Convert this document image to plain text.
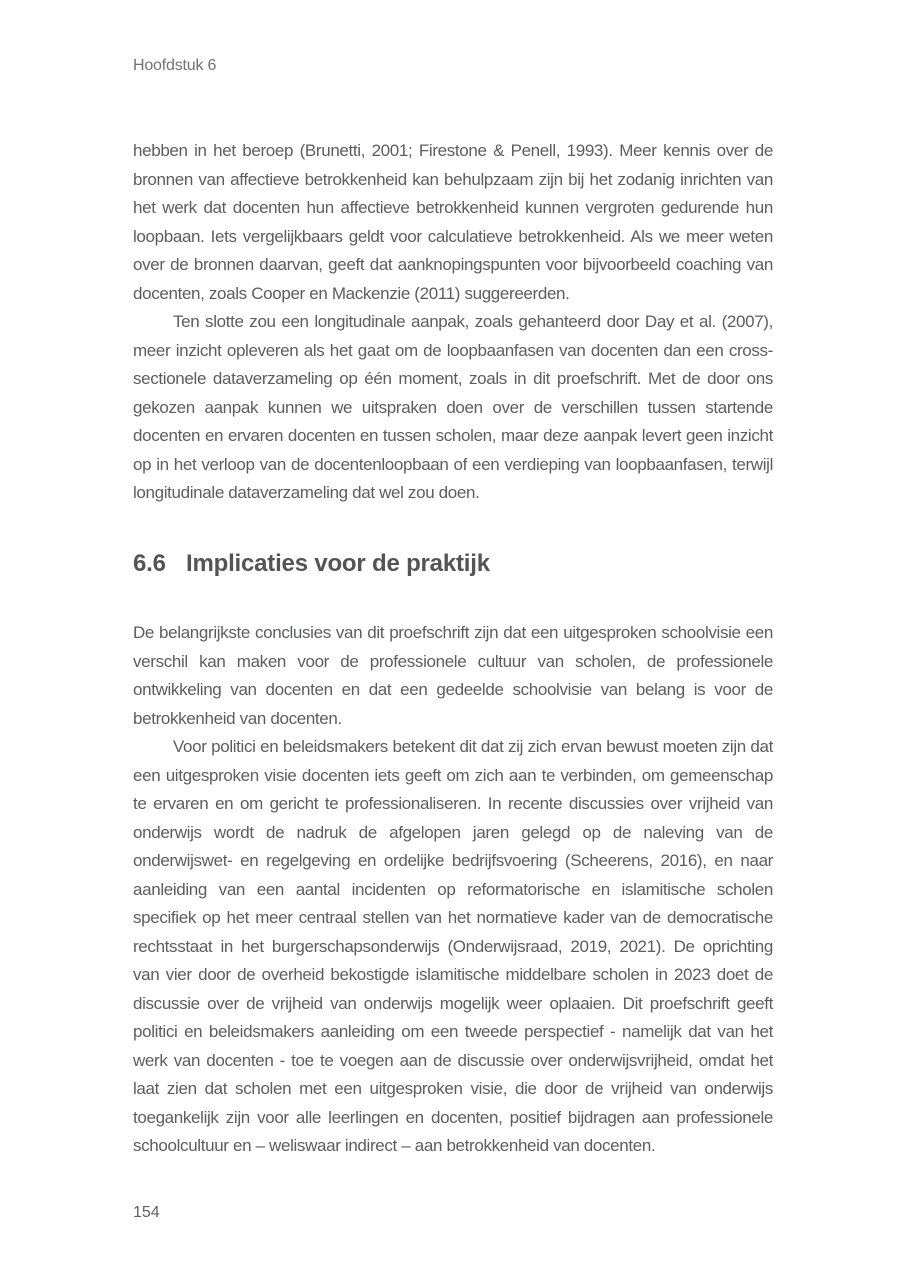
Hoofdstuk 6

hebben in het beroep (Brunetti, 2001; Firestone & Penell, 1993). Meer kennis over de bronnen van affectieve betrokkenheid kan behulpzaam zijn bij het zodanig inrichten van het werk dat docenten hun affectieve betrokkenheid kunnen vergroten gedurende hun loopbaan. Iets vergelijkbaars geldt voor calculatieve betrokkenheid. Als we meer weten over de bronnen daarvan, geeft dat aanknopingspunten voor bijvoorbeeld coaching van docenten, zoals Cooper en Mackenzie (2011) suggereerden.

Ten slotte zou een longitudinale aanpak, zoals gehanteerd door Day et al. (2007), meer inzicht opleveren als het gaat om de loopbaanfasen van docenten dan een cross-sectionele dataverzameling op één moment, zoals in dit proefschrift. Met de door ons gekozen aanpak kunnen we uitspraken doen over de verschillen tussen startende docenten en ervaren docenten en tussen scholen, maar deze aanpak levert geen inzicht op in het verloop van de docentenloopbaan of een verdieping van loopbaanfasen, terwijl longitudinale dataverzameling dat wel zou doen.

6.6 Implicaties voor de praktijk

De belangrijkste conclusies van dit proefschrift zijn dat een uitgesproken schoolvisie een verschil kan maken voor de professionele cultuur van scholen, de professionele ontwikkeling van docenten en dat een gedeelde schoolvisie van belang is voor de betrokkenheid van docenten.

Voor politici en beleidsmakers betekent dit dat zij zich ervan bewust moeten zijn dat een uitgesproken visie docenten iets geeft om zich aan te verbinden, om gemeenschap te ervaren en om gericht te professionaliseren. In recente discussies over vrijheid van onderwijs wordt de nadruk de afgelopen jaren gelegd op de naleving van de onderwijswet- en regelgeving en ordelijke bedrijfsvoering (Scheerens, 2016), en naar aanleiding van een aantal incidenten op reformatorische en islamitische scholen specifiek op het meer centraal stellen van het normatieve kader van de democratische rechtsstaat in het burgerschapsonderwijs (Onderwijsraad, 2019, 2021). De oprichting van vier door de overheid bekostigde islamitische middelbare scholen in 2023 doet de discussie over de vrijheid van onderwijs mogelijk weer oplaaien. Dit proefschrift geeft politici en beleidsmakers aanleiding om een tweede perspectief - namelijk dat van het werk van docenten - toe te voegen aan de discussie over onderwijsvrijheid, omdat het laat zien dat scholen met een uitgesproken visie, die door de vrijheid van onderwijs toegankelijk zijn voor alle leerlingen en docenten, positief bijdragen aan professionele schoolcultuur en – weliswaar indirect – aan betrokkenheid van docenten.

154
